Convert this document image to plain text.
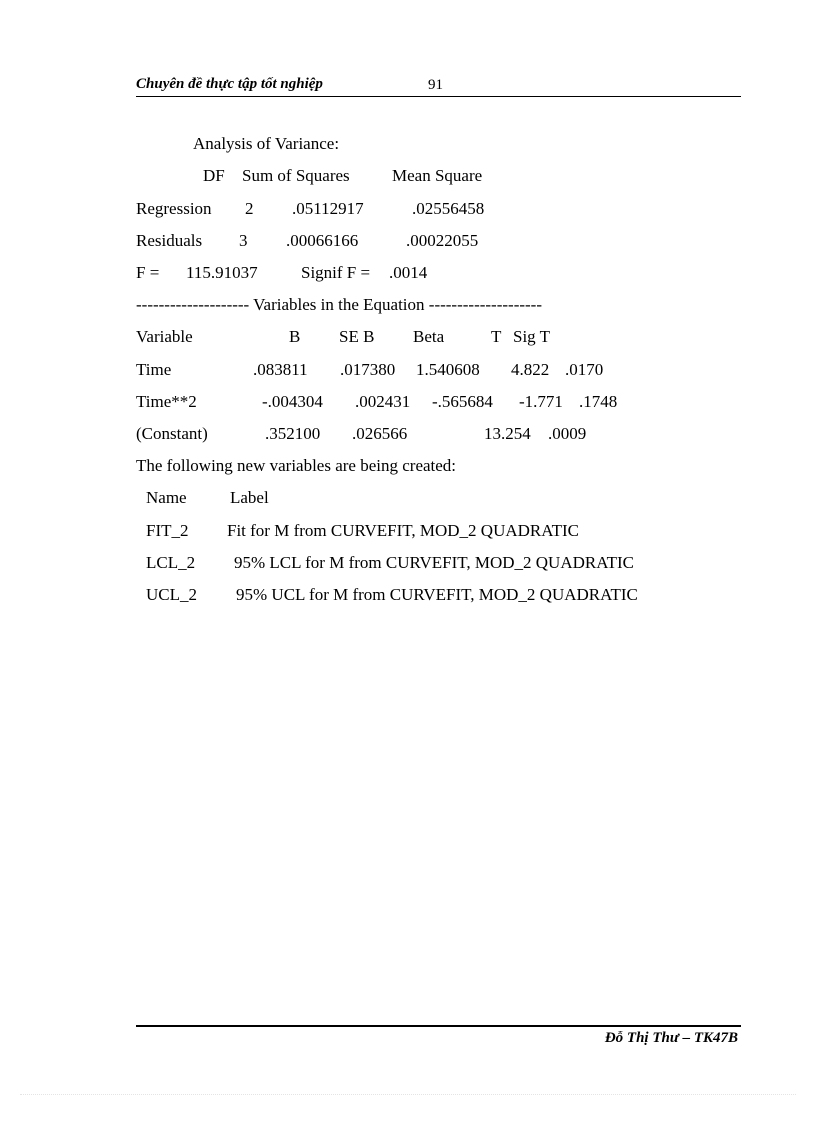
Chuyên đề thực tập tốt nghiệp	91
Analysis of Variance:
DF Sum of Squares Mean Square
Regression 2 .05112917	.02556458
Residuals 3 .00066166	.00022055
F = 115.91037	Signif F = .0014
-------------------- Variables in the Equation --------------------
Variable	B SE B Beta	T Sig T
Time	.083811 .017380 1.540608 4.822 .0170
Time**2	-.004304 .002431 -.565684 -1.771 .1748
(Constant)	.352100 .026566	13.254 .0009
The following new variables are being created:
Name	Label
FIT_2 Fit for M from CURVEFIT, MOD_2 QUADRATIC
LCL_2 95% LCL for M from CURVEFIT, MOD_2 QUADRATIC
UCL_2 95% UCL for M from CURVEFIT, MOD_2 QUADRATIC
Đỗ Thị Thư – TK47B
